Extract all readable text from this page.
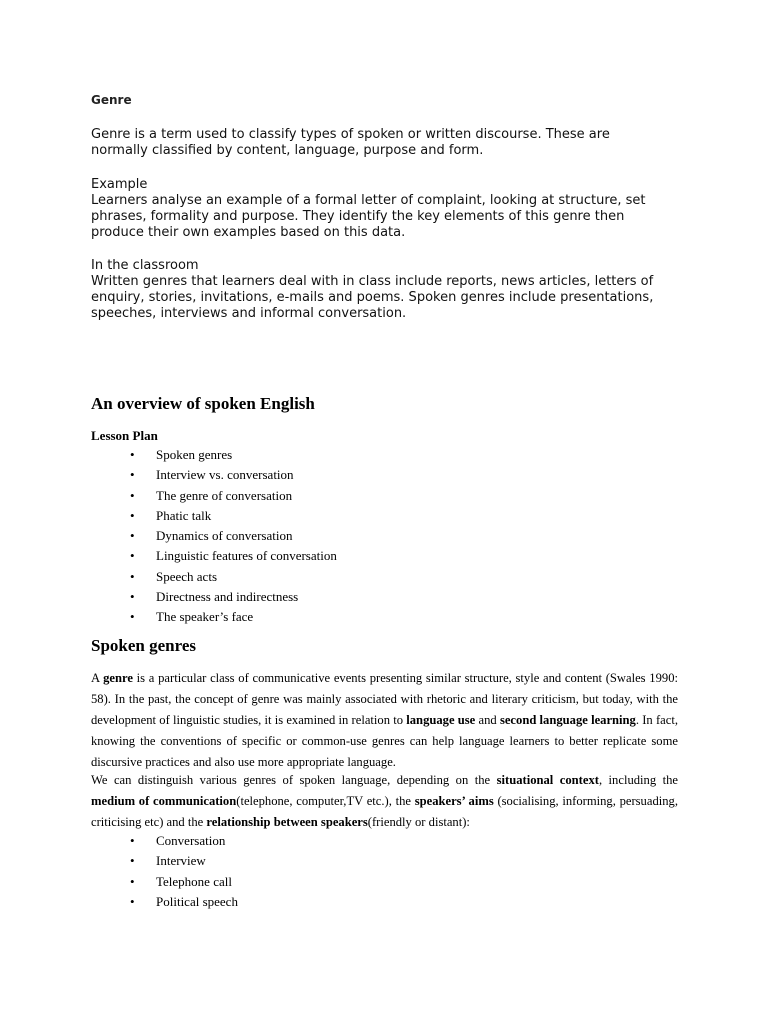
Genre

Genre is a term used to classify types of spoken or written discourse. These are

normally classified by content, language, purpose and form.

Example

Learners analyse an example of a formal letter of complaint, looking at structure, set

phrases, formality and purpose. They identify the key elements of this genre then

produce their own examples based on this data.

In the classroom

Written genres that learners deal with in class include reports, news articles, letters of

enquiry, stories, invitations, e-mails and poems. Spoken genres include presentations,

speeches, interviews and informal conversation.

An overview of spoken English
Lesson Plan
• Spoken genres
• Interview vs. conversation
• The genre of conversation
• Phatic talk
• Dynamics of conversation
• Linguistic features of conversation
• Speech acts
• Directness and indirectness
• The speaker’s face
Spoken genres

A genre is a particular class of communicative events presenting similar structure, style and content (Swales 1990: 58). In the past, the concept of genre was mainly associated with rhetoric and literary criticism, but today, with the development of linguistic studies, it is examined in relation to language use and second language learning. In fact, knowing the conventions of specific or common-use genres can help language learners to better replicate some discursive practices and also use more appropriate language.

We can distinguish various genres of spoken language, depending on the situational context, including the medium of communication(telephone, computer,TV etc.), the speakers’ aims (socialising, informing, persuading, criticising etc) and the relationship between speakers(friendly or distant):

• Conversation
• Interview
• Telephone call
• Political speech
